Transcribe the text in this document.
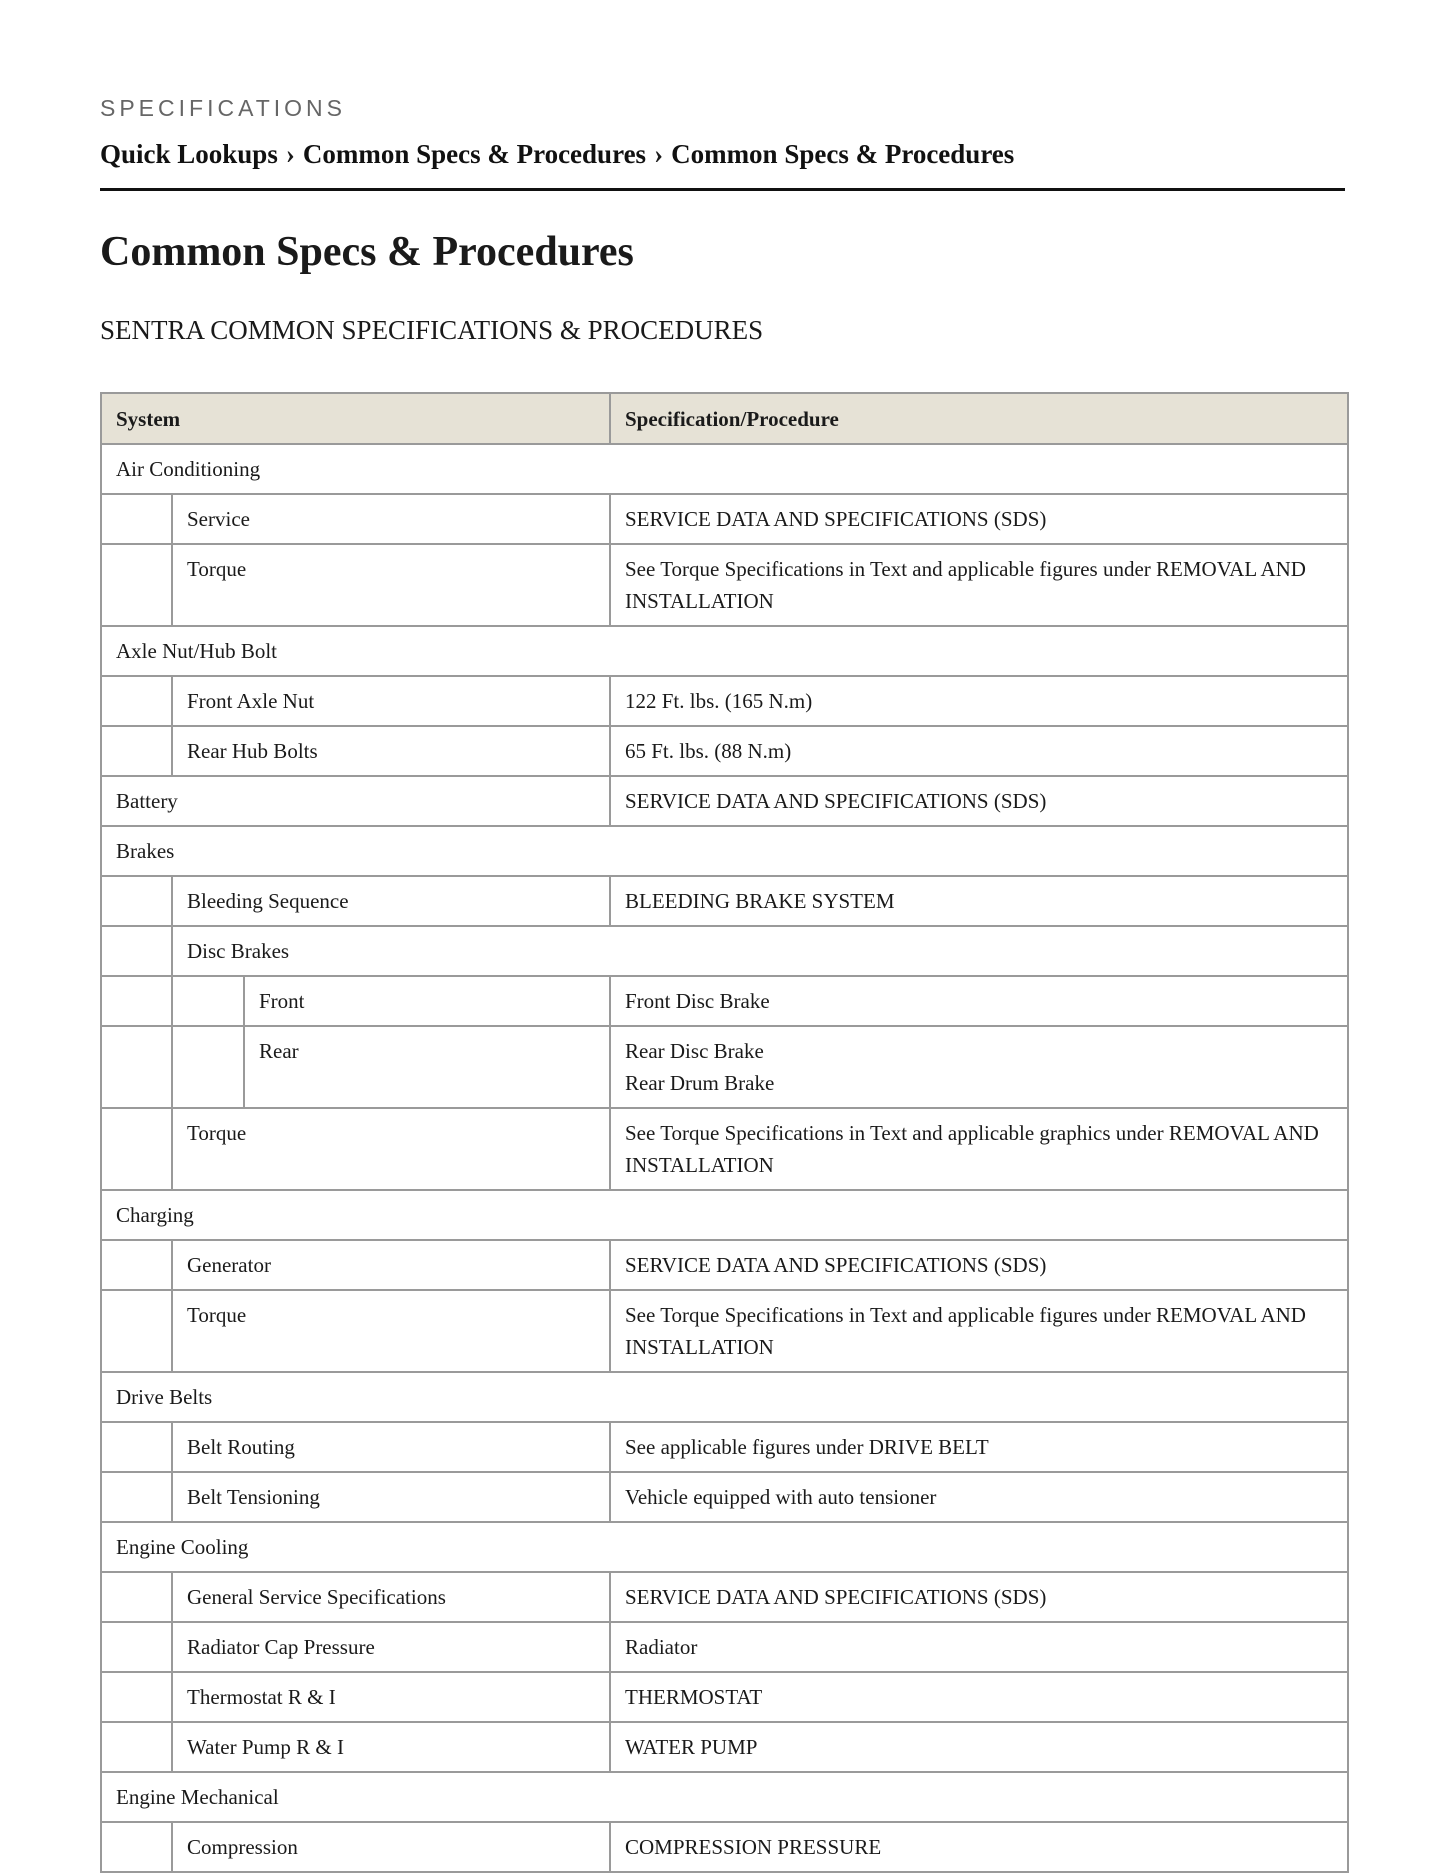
SPECIFICATIONS

Quick Lookups › Common Specs & Procedures › Common Specs & Procedures
Common Specs & Procedures
SENTRA COMMON SPECIFICATIONS & PROCEDURES
System			Specification/Procedure
Air Conditioning			
	Service		SERVICE DATA AND SPECIFICATIONS (SDS)

	Torque		See Torque Specifications in Text and applicable figures under REMOVAL AND INSTALLATION

Axle Nut/Hub Bolt			
	Front Axle Nut		122 Ft. lbs. (165 N.m)

	Rear Hub Bolts		65 Ft. lbs. (88 N.m)

Battery			SERVICE DATA AND SPECIFICATIONS (SDS)

Brakes			
	Bleeding Sequence		BLEEDING BRAKE SYSTEM

	Disc Brakes		
		Front	Front Disc Brake

		Rear	Rear Disc Brake
Rear Drum Brake

	Torque		See Torque Specifications in Text and applicable graphics under REMOVAL AND INSTALLATION

Charging			
	Generator		SERVICE DATA AND SPECIFICATIONS (SDS)

	Torque		See Torque Specifications in Text and applicable figures under REMOVAL AND INSTALLATION

Drive Belts			
	Belt Routing		See applicable figures under DRIVE BELT

	Belt Tensioning		Vehicle equipped with auto tensioner

Engine Cooling			
	General Service Specifications		SERVICE DATA AND SPECIFICATIONS (SDS)

	Radiator Cap Pressure		Radiator

	Thermostat R & I		THERMOSTAT

	Water Pump R & I		WATER PUMP

Engine Mechanical			
	Compression		COMPRESSION PRESSURE
